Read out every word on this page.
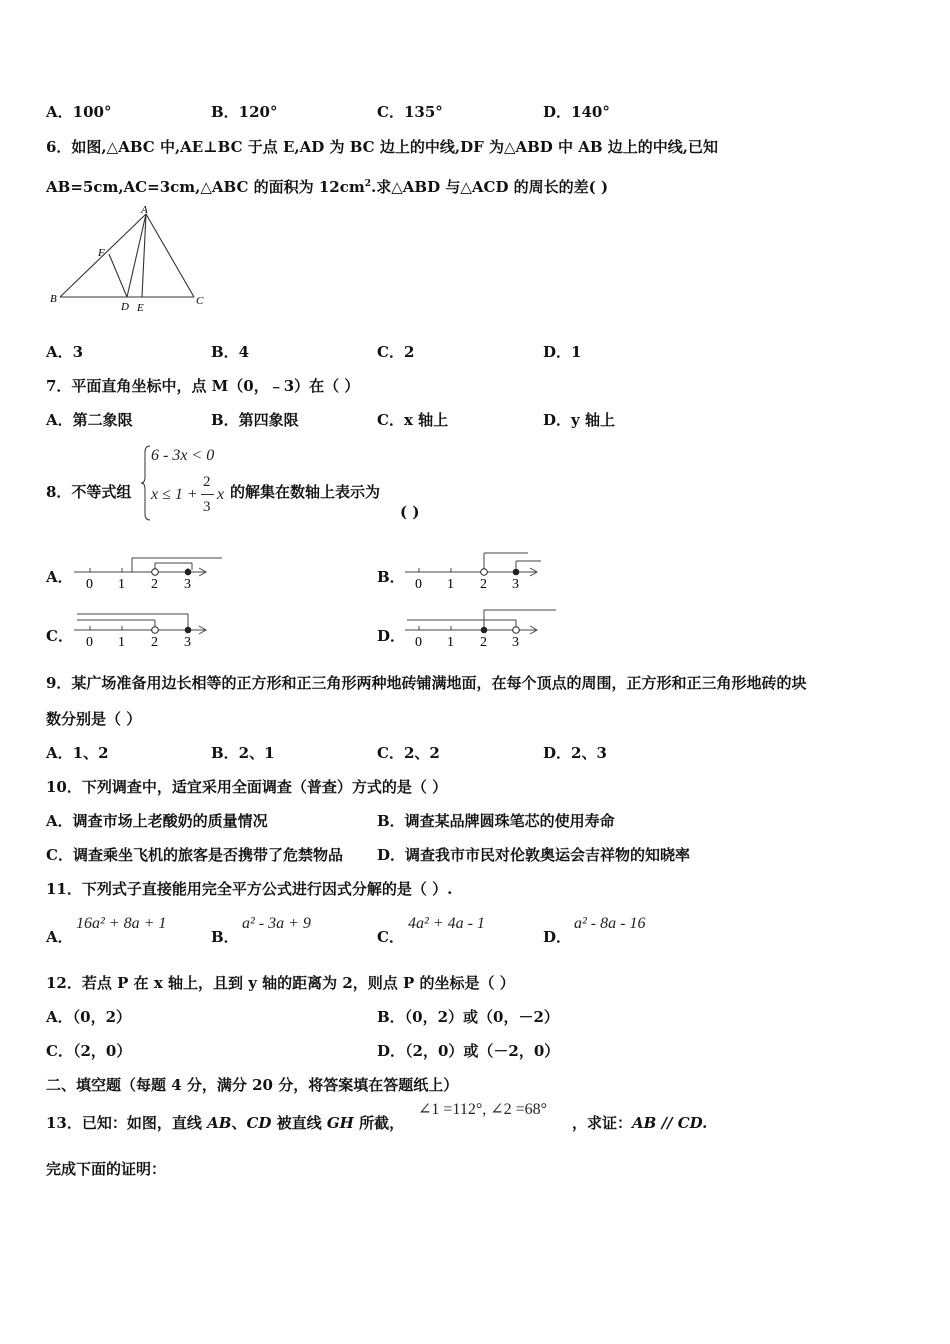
A．100°	B．120°	C．135°	D．140°
6．如图,△ABC 中,AE⊥BC 于点 E,AD 为 BC 边上的中线,DF 为△ABD 中 AB 边上的中线,已知
AB=5cm,AC=3cm,△ABC 的面积为 $12cm^2$.求△ABD 与△ACD 的周长的差( )
A
B	C
D E
F
A．3	B．4	C．2	D．1
7．平面直角坐标中，点 M（0，﹣3）在（ ）
A．第二象限	B．第四象限	C．x 轴上	D．y 轴上
8．不等式组
6 - 3x < 0
x ≤ 1 +
2
3
x 的解集在数轴上表示为
( )
A． 0 1 2 3	B． 0 1 2 3
C． 0 1 2 3	D． 0 1 2 3
9．某广场准备用边长相等的正方形和正三角形两种地砖铺满地面，在每个顶点的周围，正方形和正三角形地砖的块
数分别是（ ）
A．1、2	B．2、1	C．2、2	D．2、3
10．下列调查中，适宜采用全面调查（普查）方式的是（ ）
A．调查市场上老酸奶的质量情况	B．调查某品牌圆珠笔芯的使用寿命
C．调查乘坐飞机的旅客是否携带了危禁物品 D．调查我市市民对伦敦奥运会吉祥物的知晓率
11．下列式子直接能用完全平方公式进行因式分解的是（ ）.
A．
16a² + 8a + 1
B．
a² - 3a + 9
C．
4a² + 4a - 1
D．
a² - 8a - 16
12．若点 P 在 x 轴上，且到 y 轴的距离为 2，则点 P 的坐标是（ ）
A．（0，2）	B．（0，2）或（0，－2）
C．（2，0）	D．（2，0）或（－2，0）
二、填空题（每题 4 分，满分 20 分，将答案填在答题纸上）
13．已知：如图，直线 AB、CD 被直线 GH 所截，
∠1 =112°, ∠2 =68°
，求证：AB // CD.
完成下面的证明：
